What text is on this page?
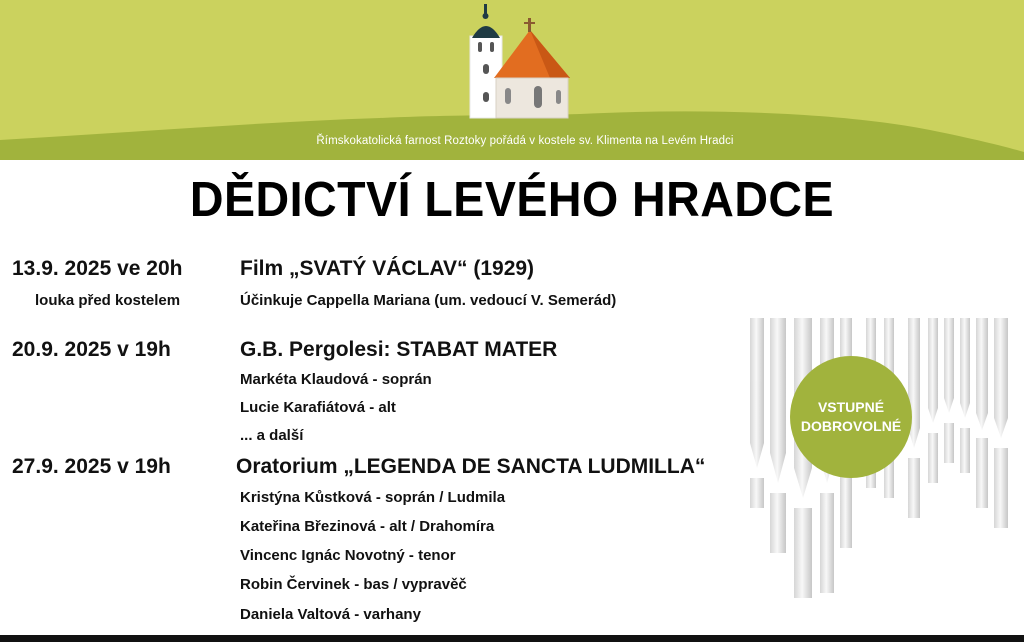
Římskokatolická farnost Roztoky pořádá v kostele sv. Klimenta na Levém Hradci
DĚDICTVÍ LEVÉHO HRADCE
13.9. 2025 ve 20h	Film „SVATÝ VÁCLAV“ (1929)
louka před kostelem	Účinkuje Cappella Mariana (um. vedoucí V. Semerád)
20.9. 2025 v 19h	G.B. Pergolesi: STABAT MATER
Markéta Klaudová - soprán
Lucie Karafiátová - alt
... a další
27.9. 2025 v 19h	Oratorium „LEGENDA DE SANCTA LUDMILLA“
Kristýna Kůstková - soprán / Ludmila
Kateřina Březinová - alt / Drahomíra
Vincenc Ignác Novotný - tenor
Robin Červinek - bas / vypravěč
Daniela Valtová - varhany
VSTUPNÉ
DOBROVOLNÉ
